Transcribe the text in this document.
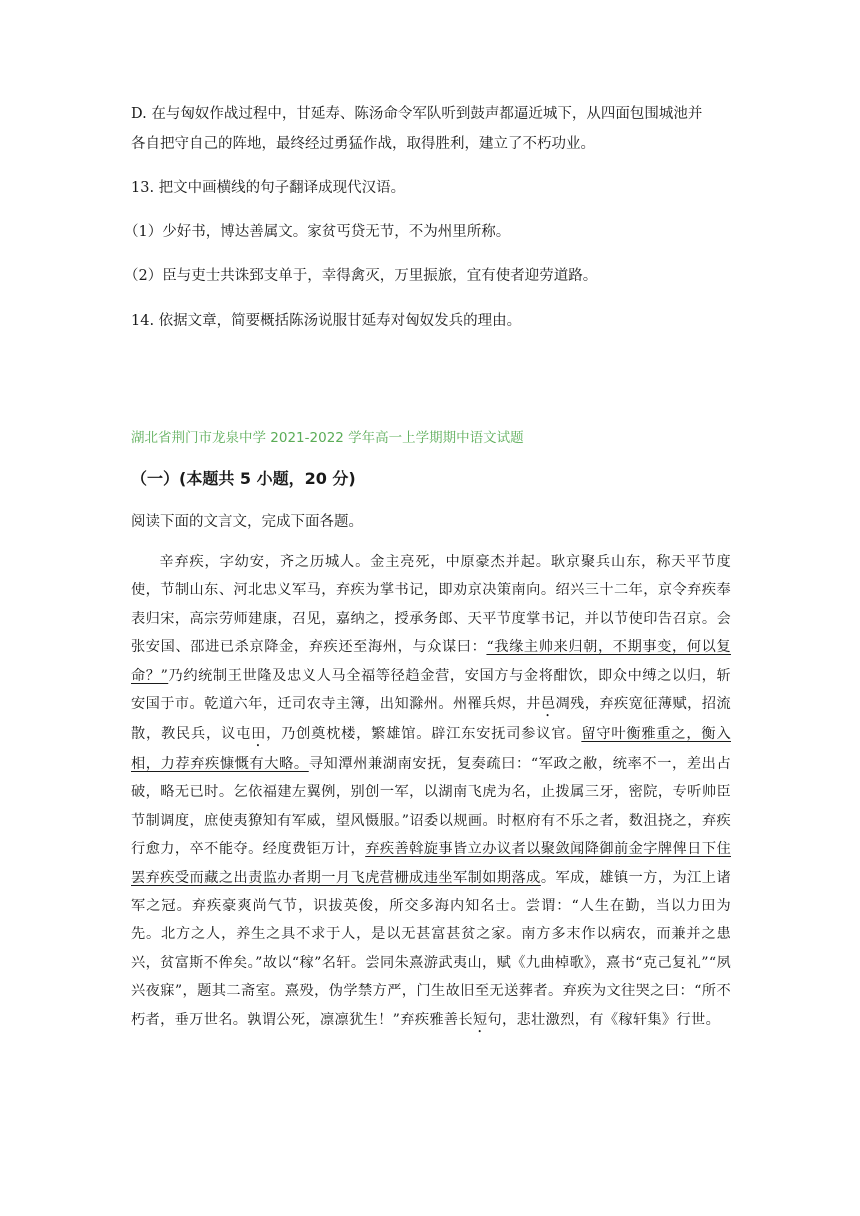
D. 在与匈奴作战过程中，甘延寿、陈汤命令军队听到鼓声都逼近城下，从四面包围城池并
各自把守自己的阵地，最终经过勇猛作战，取得胜利，建立了不朽功业。
13. 把文中画横线的句子翻译成现代汉语。
（1）少好书，博达善属文。家贫丐贷无节，不为州里所称。
（2）臣与吏士共诛郅支单于，幸得禽灭，万里振旅，宜有使者迎劳道路。
14. 依据文章，简要概括陈汤说服甘延寿对匈奴发兵的理由。
湖北省荆门市龙泉中学 2021-2022 学年高一上学期期中语文试题
（一）(本题共 5 小题，20 分)
阅读下面的文言文，完成下面各题。
辛弃疾，字幼安，齐之历城人。金主亮死，中原豪杰并起。耿京聚兵山东，称天平节度使，节制山东、河北忠义军马，弃疾为掌书记，即劝京决策南向。绍兴三十二年，京令弃疾奉表归宋，高宗劳师建康，召见，嘉纳之，授承务郎、天平节度掌书记，并以节使印告召京。会张安国、邵进已杀京降金，弃疾还至海州，与众谋曰：“我缘主帅来归朝，不期事变，何以复命？”乃约统制王世隆及忠义人马全福等径趋金营，安国方与金将酣饮，即众中缚之以归，斩安国于市。乾道六年，迁司农寺主簿，出知滁州。州罹兵烬，井邑凋残，弃疾宽征薄赋，招流散，教民兵，议屯田，乃创奠枕楼，繁雄馆。辟江东安抚司参议官。留守叶衡雅重之，衡入相，力荐弃疾慷慨有大略。寻知潭州兼湖南安抚，复奏疏曰：“军政之敝，统率不一，差出占破，略无已时。乞依福建左翼例，别创一军，以湖南飞虎为名，止拨属三牙，密院，专听帅臣节制调度，庶使夷獠知有军威，望风慑服。”诏委以规画。时枢府有不乐之者，数沮挠之，弃疾行愈力，卒不能夺。经度费钜万计，弃疾善斡旋事皆立办议者以聚敛闻降御前金字牌俾日下住罢弃疾受而藏之出责监办者期一月飞虎营栅成违坐军制如期落成。军成，雄镇一方，为江上诸军之冠。弃疾豪爽尚气节，识拔英俊，所交多海内知名士。尝谓：“人生在勤，当以力田为先。北方之人，养生之具不求于人，是以无甚富甚贫之家。南方多末作以病农，而兼并之患兴，贫富斯不侔矣。”故以“稼”名轩。尝同朱熹游武夷山，赋《九曲棹歌》，熹书“克己复礼”“夙兴夜寐”，题其二斋室。熹殁，伪学禁方严，门生故旧至无送葬者。弃疾为文往哭之曰：“所不朽者，垂万世名。孰谓公死，凛凛犹生！”弃疾雅善长短句，悲壮激烈，有《稼轩集》行世。
